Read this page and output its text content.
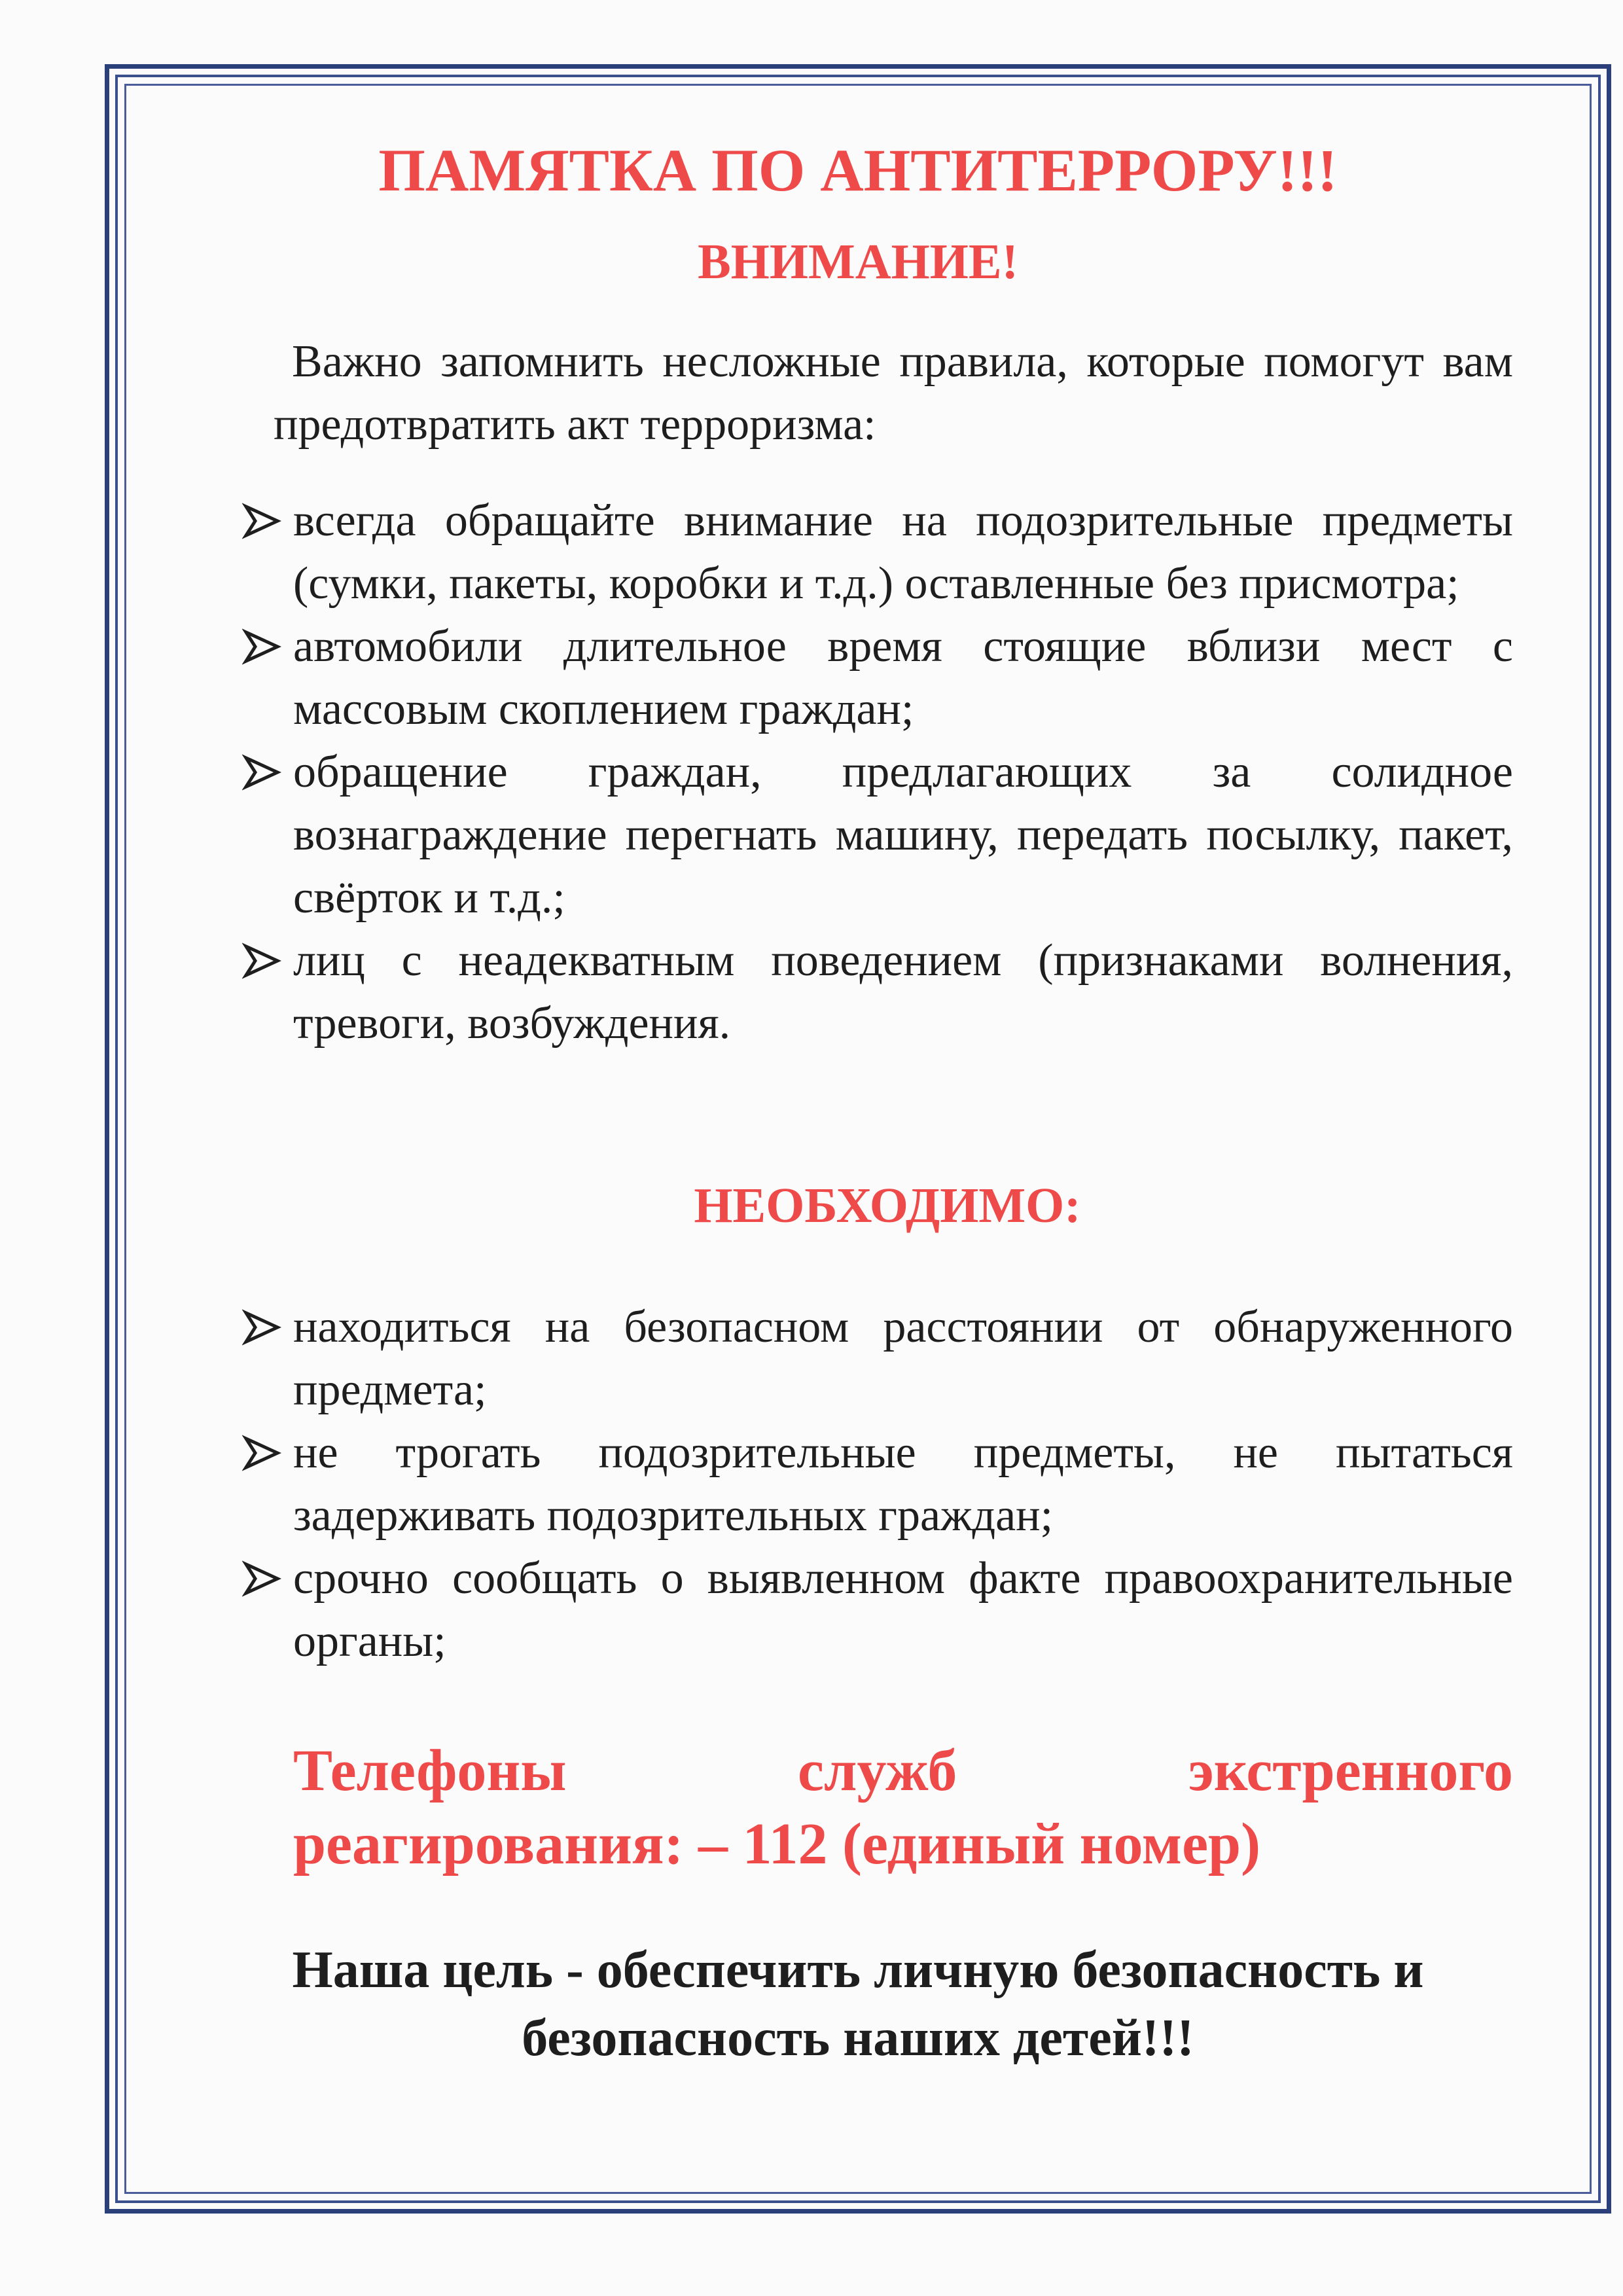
ПАМЯТКА ПО АНТИТЕРРОРУ!!!
ВНИМАНИЕ!

Важно запомнить несложные правила, которые помогут вам предотвратить акт терроризма:

всегда обращайте внимание на подозрительные предметы (сумки, пакеты, коробки и т.д.) оставленные без присмотра;
автомобили длительное время стоящие вблизи мест с массовым скоплением граждан;
обращение граждан, предлагающих за солидное вознаграждение перегнать машину, передать посылку, пакет, свёрток и т.д.;
лиц с неадекватным поведением (признаками волнения, тревоги, возбуждения.
НЕОБХОДИМО:
находиться на безопасном расстоянии от обнаруженного предмета;
не трогать подозрительные предметы, не пытаться задерживать подозрительных граждан;
срочно сообщать о выявленном факте правоохранительные органы;

Телефоны служб экстренного
реагирования: – 112 (единый номер)

Наша цель - обеспечить личную безопасность и
безопасность наших детей!!!
